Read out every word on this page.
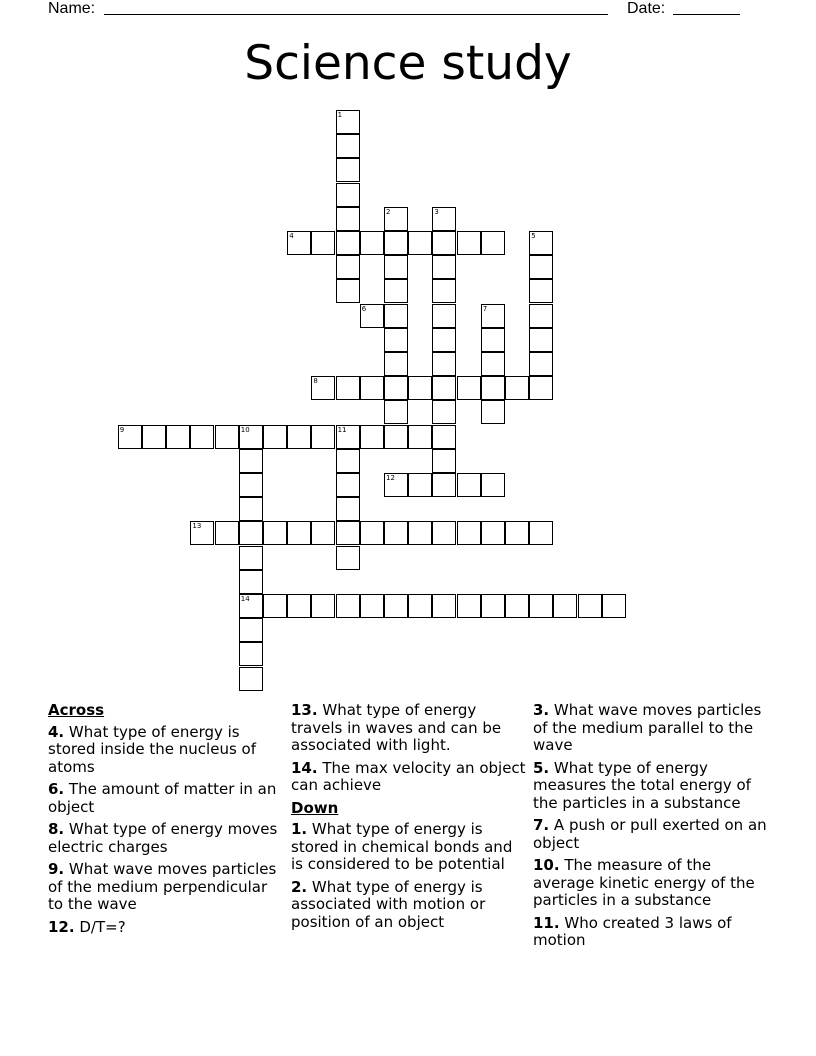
Name:	Date:
Science study
4
6
8
9	10	11
12
13
14
1
2	3
5
7
Across
4. What type of energy is stored inside the nucleus of atoms
6. The amount of matter in an object
8. What type of energy moves electric charges
9. What wave moves particles of the medium perpendicular to the wave
12. D/T=?
13. What type of energy travels in waves and can be associated with light.
14. The max velocity an object can achieve
Down
1. What type of energy is stored in chemical bonds and is considered to be potential
2. What type of energy is associated with motion or position of an object
3. What wave moves particles of the medium parallel to the wave
5. What type of energy measures the total energy of the particles in a substance
7. A push or pull exerted on an object
10. The measure of the average kinetic energy of the particles in a substance
11. Who created 3 laws of motion
